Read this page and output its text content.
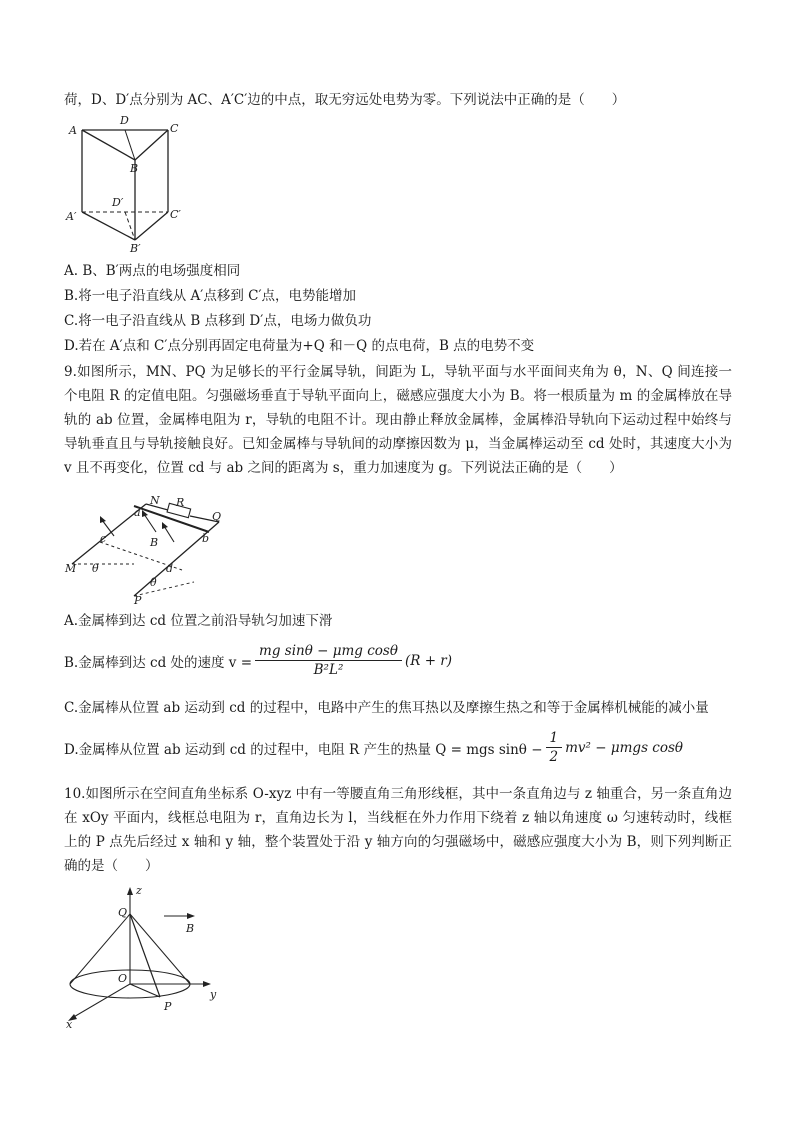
荷，D、D′点分别为 AC、A′C′边的中点，取无穷远处电势为零。下列说法中正确的是（　　）
A
D
C
B
D′
A′	C′
B′
A. B、B′两点的电场强度相同
B.将一电子沿直线从 A′点移到 C′点，电势能增加
C.将一电子沿直线从 B 点移到 D′点，电场力做负功
D.若在 A′点和 C′点分别再固定电荷量为+Q 和－Q 的点电荷，B 点的电势不变

9.如图所示，MN、PQ 为足够长的平行金属导轨，间距为 L，导轨平面与水平面间夹角为 θ，N、Q 间连接一个电阻 R 的定值电阻。匀强磁场垂直于导轨平面向上，磁感应强度大小为 B。将一根质量为 m 的金属棒放在导轨的 ab 位置，金属棒电阻为 r，导轨的电阻不计。现由静止释放金属棒，金属棒沿导轨向下运动过程中始终与导轨垂直且与导轨接触良好。已知金属棒与导轨间的动摩擦因数为 μ，当金属棒运动至 cd 处时，其速度大小为 v 且不再变化，位置 cd 与 ab 之间的距离为 s，重力加速度为 g。下列说法正确的是（　　）

N R
Q
a
b
B
c
M θ	d
θ
P
A.金属棒到达 cd 位置之前沿导轨匀加速下滑
B.金属棒到达 cd 处的速度 $v = \frac{\text{mg sinθ − μmg cosθ}}{\text{B²L²}} (R + r)$
C.金属棒从位置 ab 运动到 cd 的过程中，电路中产生的焦耳热以及摩擦生热之和等于金属棒机械能的减小量
D.金属棒从位置 ab 运动到 cd 的过程中，电阻 R 产生的热量 Q = mgs $\sin\theta - \frac{1}{2} mv^2 - \mu mgs$ cosθ

10.如图所示在空间直角坐标系 O-xyz 中有一等腰直角三角形线框，其中一条直角边与 z 轴重合，另一条直角边在 xOy 平面内，线框总电阻为 r，直角边长为 l，当线框在外力作用下绕着 z 轴以角速度 ω 匀速转动时，线框上的 P 点先后经过 x 轴和 y 轴，整个装置处于沿 y 轴方向的匀强磁场中，磁感应强度大小为 B，则下列判断正确的是（　　）

z
Q
B
O
y
P
x
